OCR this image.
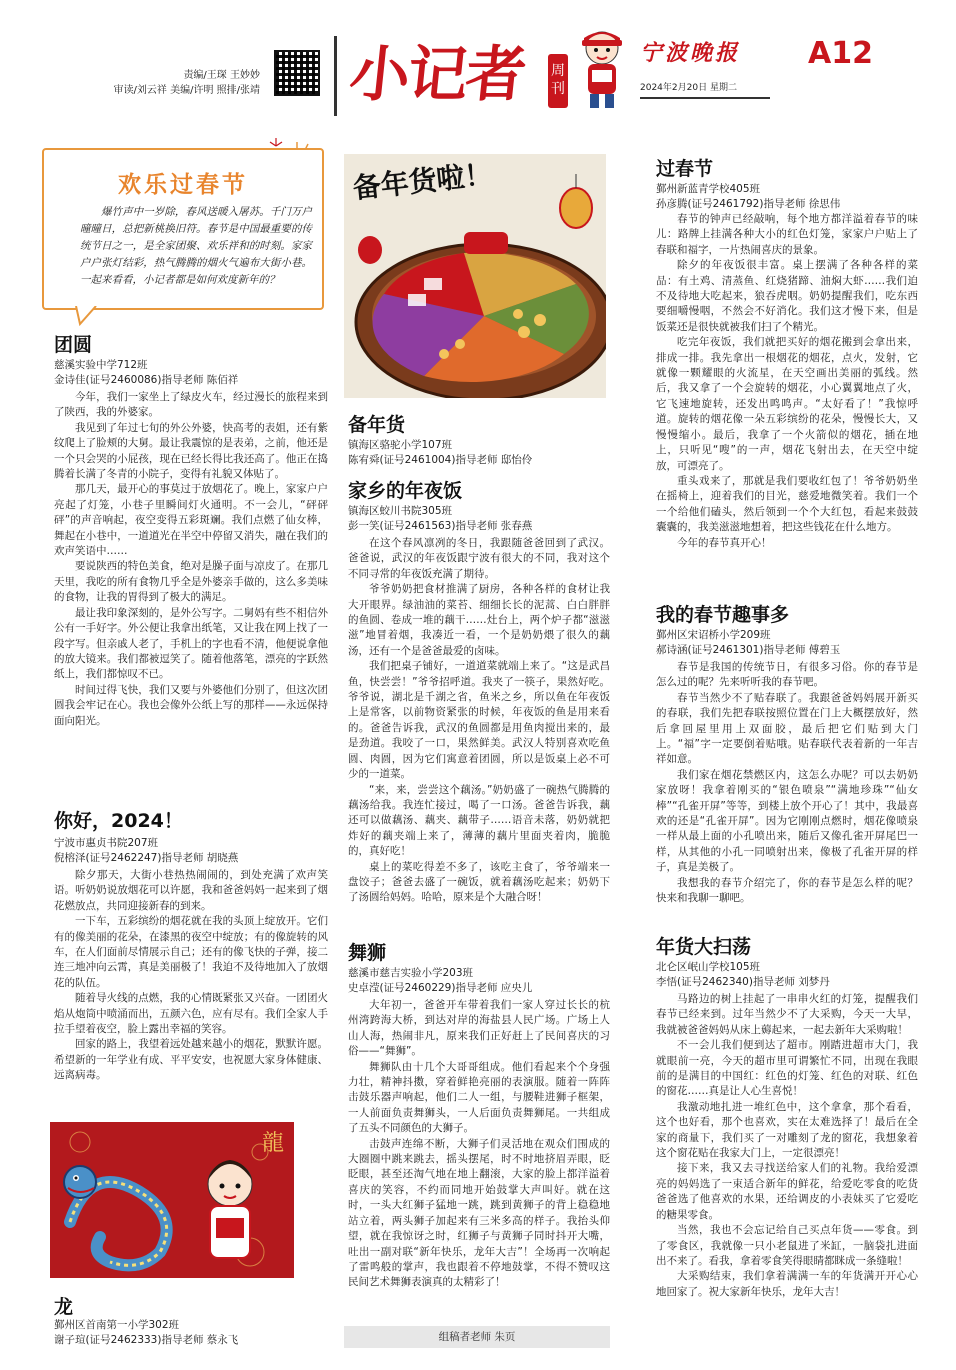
责编/王琛 王妙妙
审读/刘云祥 美编/许明 照排/张靖 小记者 周刊
宁波晚报
2024年2月20日 星期二
A12
欢乐过春节
爆竹声中一岁除，春风送暖入屠苏。千门万户曈曈日，总把新桃换旧符。春节是中国最重要的传统节日之一，是全家团聚、欢乐祥和的时刻。家家户户张灯结彩，热气腾腾的烟火气遍布大街小巷。一起来看看，小记者都是如何欢度新年的？
团圆
慈溪实验中学712班
金诗佳(证号2460086)指导老师 陈佰祥

今年，我们一家坐上了绿皮火车，经过漫长的旅程来到了陕西，我的外婆家。

我见到了年过七旬的外公外婆，快高考的表姐，还有紫纹爬上了脸颊的大舅。最让我震惊的是表弟，之前，他还是一个只会哭的小屁孩，现在已经长得比我还高了。他正在捣腾着长满了冬青的小院子，变得有礼貌又体贴了。

那几天，最开心的事莫过于放烟花了。晚上，家家户户亮起了灯笼，小巷子里瞬间灯火通明。不一会儿，“砰砰砰”的声音响起，夜空变得五彩斑斓。我们点燃了仙女棒，舞起在小巷中，一道道光在半空中停留又消失，融在我们的欢声笑语中……

要说陕西的特色美食，绝对是臊子面与凉皮了。在那几天里，我吃的所有食物几乎全是外婆亲手做的，这么多美味的食物，让我的胃得到了极大的满足。

最让我印象深刻的，是外公写字。二舅妈有些不相信外公有一手好字。外公便让我拿出纸笔，又让我在网上找了一段字写。但亲戚人老了，手机上的字也看不清，他便说拿他的放大镜来。我们都被逗笑了。随着他落笔，漂亮的字跃然纸上，我们都惊叹不已。

时间过得飞快，我们又要与外婆他们分别了，但这次团圆我会牢记在心。我也会像外公纸上写的那样——永远保持面向阳光。

你好，2024！
宁波市惠贞书院207班
倪榕泽(证号2462247)指导老师 胡晓燕

除夕那天，大街小巷热热闹闹的，到处充满了欢声笑语。听奶奶说放烟花可以许愿，我和爸爸妈妈一起来到了烟花燃放点，共同迎接新春的到来。

一下车，五彩缤纷的烟花就在我的头顶上绽放开。它们有的像美丽的花朵，在漆黑的夜空中绽放；有的像旋转的风车，在人们面前尽情展示自己；还有的像飞快的子弹，接二连三地冲向云霄，真是美丽极了！我迫不及待地加入了放烟花的队伍。

随着导火线的点燃，我的心情既紧张又兴奋。一团团火焰从炮筒中喷涌而出，五颜六色，应有尽有。我们全家人手拉手望着夜空，脸上露出幸福的笑容。

回家的路上，我望着远处越来越小的烟花，默默许愿。希望新的一年学业有成、平平安安，也祝愿大家身体健康、远离病毒。

龍
龙
鄞州区首南第一小学302班
谢子瑄(证号2462333)指导老师 蔡永飞
备年货啦！
备年货
镇海区骆驼小学107班
陈宥舜(证号2461004)指导老师 邸怡伶
家乡的年夜饭
镇海区蛟川书院305班
彭一笑(证号2461563)指导老师 张春燕

在这个春风凛冽的冬日，我跟随爸爸回到了武汉。爸爸说，武汉的年夜饭跟宁波有很大的不同，我对这个不同寻常的年夜饭充满了期待。

爷爷奶奶把食材推满了厨房，各种各样的食材让我大开眼界。绿油油的菜苔、细细长长的泥蒿、白白胖胖的鱼圆、卷成一堆的藕干……灶台上，两个炉子都“滋滋滋”地冒着烟，我凑近一看，一个是奶奶煨了很久的藕汤，还有一个是爸爸最爱的卤味。

我们把桌子铺好，一道道菜就端上来了。“这是武昌鱼，快尝尝！”爷爷招呼道。我夹了一筷子，果然好吃。爷爷说，湖北是千湖之省，鱼米之乡，所以鱼在年夜饭上是常客，以前物资紧张的时候，年夜饭的鱼是用来看的。爸爸告诉我，武汉的鱼圆都是用鱼肉搅出来的，最是劲道。我咬了一口，果然鲜美。武汉人特别喜欢吃鱼圆、肉圆，因为它们寓意着团圆，所以是饭桌上必不可少的一道菜。

“来，来，尝尝这个藕汤。”奶奶盛了一碗热气腾腾的藕汤给我。我连忙接过，喝了一口汤。爸爸告诉我，藕还可以做藕汤、藕夹、藕带子……语音未落，奶奶就把炸好的藕夹端上来了，薄薄的藕片里面夹着肉，脆脆的，真好吃！

桌上的菜吃得差不多了，该吃主食了，爷爷端来一盘饺子；爸爸去盛了一碗饭，就着藕汤吃起来；奶奶下了汤圆给妈妈。哈哈，原来是个大融合呀！

舞狮
慈溪市慈吉实验小学203班
史卓滢(证号2460229)指导老师 应央儿

大年初一，爸爸开车带着我们一家人穿过长长的杭州湾跨海大桥，到达对岸的海盐县人民广场。广场上人山人海，热闹非凡，原来我们正好赶上了民间喜庆的习俗——“舞狮”。

舞狮队由十几个大哥哥组成。他们看起来个个身强力壮，精神抖擞，穿着鲜艳亮丽的表演服。随着一阵阵击鼓乐器声响起，他们二人一组，与腰鞋进狮子框架，一人前面负责舞狮头，一人后面负责舞狮尾。一共组成了五头不同颜色的大狮子。

击鼓声连绵不断，大狮子们灵活地在观众们围成的大圈圈中跳来跳去，摇头摆尾，时不时地挤眉弄眼，眨眨眼，甚至还淘气地在地上翻滚，大家的脸上都洋溢着喜庆的笑容，不约而同地开始鼓掌大声叫好。就在这时，一头大红狮子猛地一跳，跳到黄狮子的背上稳稳地站立着，两头狮子加起来有三米多高的样子。我抬头仰望，就在我惊讶之时，红狮子与黄狮子同时抖开大嘴，吐出一副对联“新年快乐，龙年大吉”！全场再一次响起了雷鸣般的掌声，我也跟着不停地鼓掌，不得不赞叹这民间艺术舞狮表演真的太精彩了！

组稿者老师 朱页
过春节
鄞州新蓝青学校405班
孙彦腾(证号2461792)指导老师 徐思伟

春节的钟声已经敲响，每个地方都洋溢着春节的味儿：路牌上挂满各种大小的红色灯笼，家家户户贴上了春联和福字，一片热闹喜庆的景象。

除夕的年夜饭很丰富。桌上摆满了各种各样的菜品：有土鸡、清蒸鱼、红烧猪蹄、油焖大虾……我们迫不及待地大吃起来，狼吞虎咽。奶奶提醒我们，吃东西要细嚼慢咽，不然会不好消化。我们这才慢下来，但是饭菜还是很快就被我们扫了个精光。

吃完年夜饭，我们就把买好的烟花搬到会拿出来，排成一排。我先拿出一根烟花的烟花，点火，发射，它就像一颗耀眼的火流星，在天空画出美丽的弧线。然后，我又拿了一个会旋转的烟花，小心翼翼地点了火，它飞速地旋转，还发出鸣鸣声。“太好看了！”我惊呼道。旋转的烟花像一朵五彩缤纷的花朵，慢慢长大，又慢慢缩小。最后，我拿了一个火箭似的烟花，插在地上，只听见“嗖”的一声，烟花飞射出去，在天空中绽放，可漂亮了。

重头戏来了，那就是我们要收红包了！爷爷奶奶坐在摇椅上，迎着我们的目光，慈爱地微笑着。我们一个一个给他们磕头，然后领到一个个大红包，看起来鼓鼓囊囊的，我美滋滋地想着，把这些钱花在什么地方。

今年的春节真开心！

我的春节趣事多
鄞州区宋诏桥小学209班
郝诗涵(证号2461301)指导老师 傅碧玉

春节是我国的传统节日，有很多习俗。你的春节是怎么过的呢？先来听听我的春节吧。

春节当然少不了贴春联了。我跟爸爸妈妈展开新买的春联，我们先把春联按照位置在门上大概摆放好，然后拿回屋里用上双面胶，最后把它们贴到大门上。“福”字一定要倒着贴哦。贴春联代表着新的一年吉祥如意。

我们家在烟花禁燃区内，这怎么办呢？可以去奶奶家放呀！我拿着刚买的“银色喷泉”“满地珍珠”“仙女棒”“孔雀开屏”等等，到楼上放个开心了！其中，我最喜欢的还是“孔雀开屏”。因为它刚刚点燃时，烟花像喷泉一样从最上面的小孔喷出来，随后又像孔雀开屏尾巴一样，从其他的小孔一同喷射出来，像极了孔雀开屏的样子，真是美极了。

我想我的春节介绍完了，你的春节是怎么样的呢？快来和我聊一聊吧。

年货大扫荡
北仑区岷山学校105班
李悟(证号2462340)指导老师 刘梦丹

马路边的树上挂起了一串串火红的灯笼，提醒我们春节已经来到。过年当然少不了大采购，今天一大早，我就被爸爸妈妈从床上薅起来，一起去新年大采购啦！

不一会儿我们便到达了超市。刚踏进超市大门，我就眼前一亮，今天的超市里可谓繁忙不同，出现在我眼前的是满目的中国红：红色的灯笼、红色的对联、红色的窗花……真是让人心生喜悦！

我激动地扎进一堆红色中，这个拿拿，那个看看，这个也好看，那个也喜欢，实在太难选择了！最后在全家的商量下，我们买了一对雕刻了龙的窗花，我想象着这个窗花贴在我家大门上，一定很漂亮！

接下来，我又去寻找送给家人们的礼物。我给爱漂亮的妈妈选了一束适合新年的鲜花，给爱吃零食的吃货爸爸选了他喜欢的水果，还给调皮的小表妹买了它爱吃的糖果零食。

当然，我也不会忘记给自己买点年货——零食。到了零食区，我就像一只小老鼠进了米缸，一脑袋扎进面出不来了。看我，拿着零食笑得眼睛都眯成一条缝啦！

大采购结束，我们拿着满满一车的年货满开开心心地回家了。祝大家新年快乐，龙年大吉！
